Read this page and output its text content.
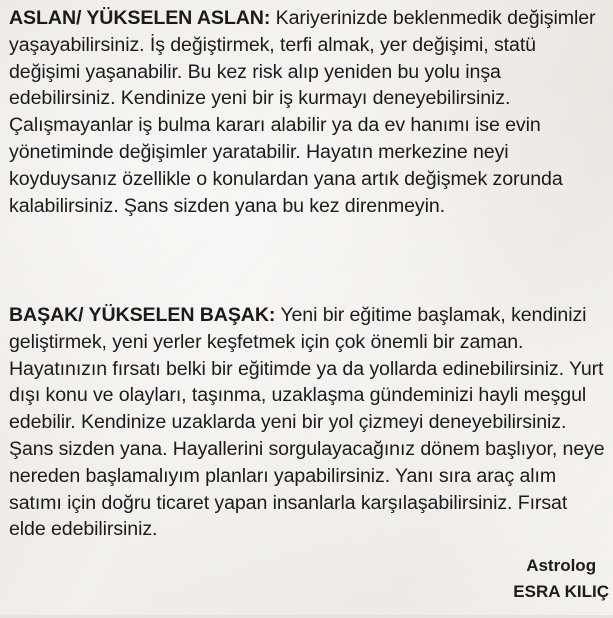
ASLAN/ YÜKSELEN ASLAN: Kariyerinizde beklenmedik değişimler yaşayabilirsiniz. İş değiştirmek, terfi almak, yer değişimi, statü değişimi yaşanabilir. Bu kez risk alıp yeniden bu yolu inşa edebilirsiniz. Kendinize yeni bir iş kurmayı deneyebilirsiniz. Çalışmayanlar iş bulma kararı alabilir ya da ev hanımı ise evin yönetiminde değişimler yaratabilir. Hayatın merkezine neyi koyduysanız özellikle o konulardan yana artık değişmek zorunda kalabilirsiniz. Şans sizden yana bu kez direnmeyin.
BAŞAK/ YÜKSELEN BAŞAK: Yeni bir eğitime başlamak, kendinizi geliştirmek, yeni yerler keşfetmek için çok önemli bir zaman. Hayatınızın fırsatı belki bir eğitimde ya da yollarda edinebilirsiniz. Yurt dışı konu ve olayları, taşınma, uzaklaşma gündeminizi hayli meşgul edebilir. Kendinize uzaklarda yeni bir yol çizmeyi deneyebilirsiniz. Şans sizden yana. Hayallerini sorgulayacağınız dönem başlıyor, neye nereden başlamalıyım planları yapabilirsiniz. Yanı sıra araç alım satımı için doğru ticaret yapan insanlarla karşılaşabilirsiniz. Fırsat elde edebilirsiniz.
Astrolog
ESRA KILIÇ
